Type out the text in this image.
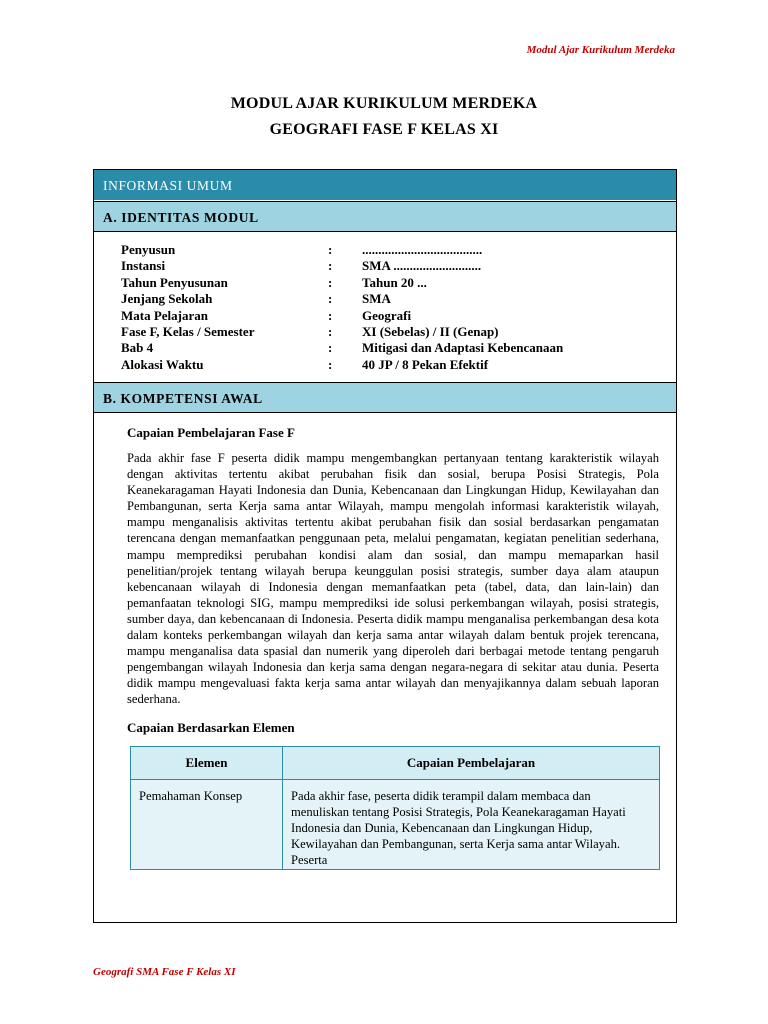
Modul Ajar Kurikulum Merdeka
MODUL AJAR KURIKULUM MERDEKA
GEOGRAFI FASE F KELAS XI
INFORMASI UMUM
A. IDENTITAS MODUL
Penyusun	:	.....................................
Instansi	:	SMA ...........................
Tahun Penyusunan	:	Tahun 20 ...
Jenjang Sekolah	:	SMA
Mata Pelajaran	:	Geografi
Fase F, Kelas / Semester	:	XI (Sebelas) / II (Genap)
Bab 4	:	Mitigasi dan Adaptasi Kebencanaan
Alokasi Waktu	:	40 JP / 8 Pekan Efektif
B. KOMPETENSI AWAL
Capaian Pembelajaran Fase F
Pada akhir fase F peserta didik mampu mengembangkan pertanyaan tentang karakteristik wilayah dengan aktivitas tertentu akibat perubahan fisik dan sosial, berupa Posisi Strategis, Pola Keanekaragaman Hayati Indonesia dan Dunia, Kebencanaan dan Lingkungan Hidup, Kewilayahan dan Pembangunan, serta Kerja sama antar Wilayah, mampu mengolah informasi karakteristik wilayah, mampu menganalisis aktivitas tertentu akibat perubahan fisik dan sosial berdasarkan pengamatan terencana dengan memanfaatkan penggunaan peta, melalui pengamatan, kegiatan penelitian sederhana, mampu memprediksi perubahan kondisi alam dan sosial, dan mampu memaparkan hasil penelitian/projek tentang wilayah berupa keunggulan posisi strategis, sumber daya alam ataupun kebencanaan wilayah di Indonesia dengan memanfaatkan peta (tabel, data, dan lain-lain) dan pemanfaatan teknologi SIG, mampu memprediksi ide solusi perkembangan wilayah, posisi strategis, sumber daya, dan kebencanaan di Indonesia. Peserta didik mampu menganalisa perkembangan desa kota dalam konteks perkembangan wilayah dan kerja sama antar wilayah dalam bentuk projek terencana, mampu menganalisa data spasial dan numerik yang diperoleh dari berbagai metode tentang pengaruh pengembangan wilayah Indonesia dan kerja sama dengan negara-negara di sekitar atau dunia. Peserta didik mampu mengevaluasi fakta kerja sama antar wilayah dan menyajikannya dalam sebuah laporan sederhana.
Capaian Berdasarkan Elemen
Elemen	Capaian Pembelajaran
Pemahaman Konsep	Pada akhir fase, peserta didik terampil dalam membaca dan menuliskan tentang Posisi Strategis, Pola Keanekaragaman Hayati Indonesia dan Dunia, Kebencanaan dan Lingkungan Hidup, Kewilayahan dan Pembangunan, serta Kerja sama antar Wilayah. Peserta
Geografi SMA Fase F Kelas XI
